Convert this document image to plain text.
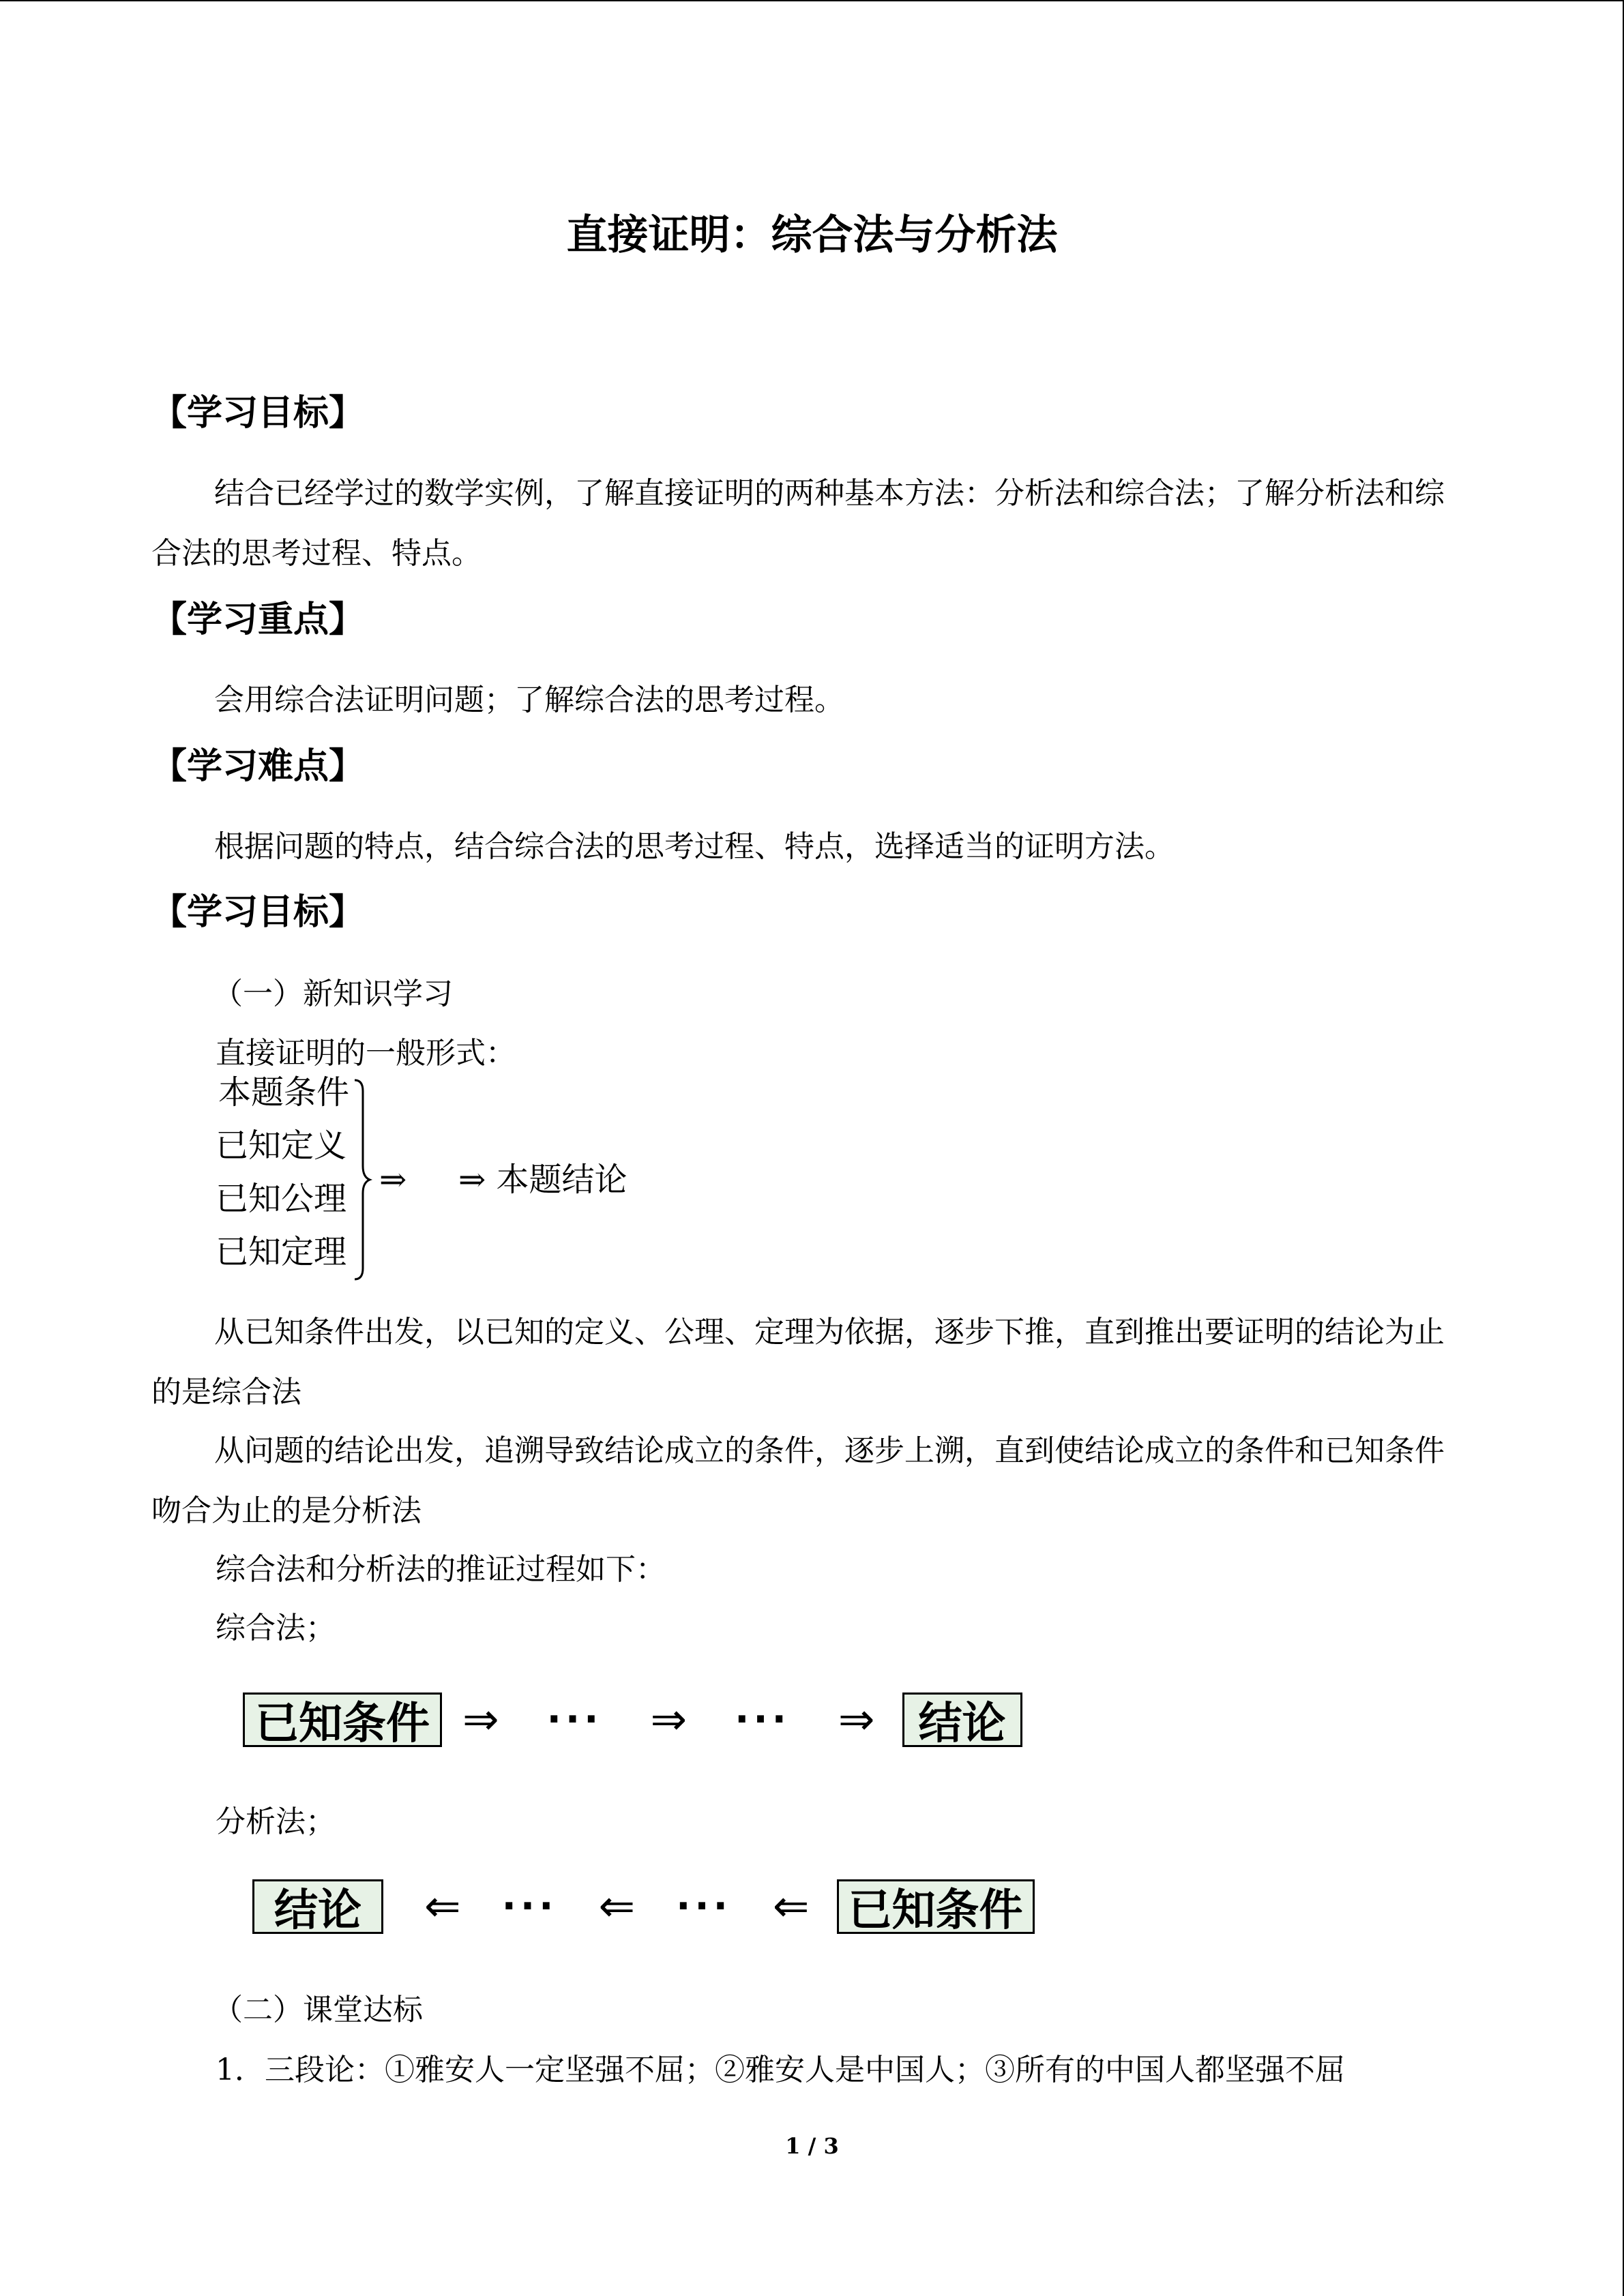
直接证明：综合法与分析法
【学习目标】

结合已经学过的数学实例，了解直接证明的两种基本方法：分析法和综合法；了解分析法和综合法的思考过程、特点。

【学习重点】

会用综合法证明问题；了解综合法的思考过程。

【学习难点】

根据问题的特点，结合综合法的思考过程、特点，选择适当的证明方法。

【学习目标】
（一）新知识学习
直接证明的一般形式：
本题条件
已知定义
已知公理
已知定理
⇒ ⇒ 本题结论

从已知条件出发，以已知的定义、公理、定理为依据，逐步下推，直到推出要证明的结论为止的是综合法

从问题的结论出发，追溯导致结论成立的条件，逐步上溯，直到使结论成立的条件和已知条件吻合为止的是分析法

综合法和分析法的推证过程如下：
综合法；
已知条件 ⇒ ··· ⇒ ··· ⇒	结论
分析法；
结论	⇐ ··· ⇐ ··· ⇐ 已知条件
（二）课堂达标
1．三段论：①雅安人一定坚强不屈；②雅安人是中国人；③所有的中国人都坚强不屈
1 / 3
